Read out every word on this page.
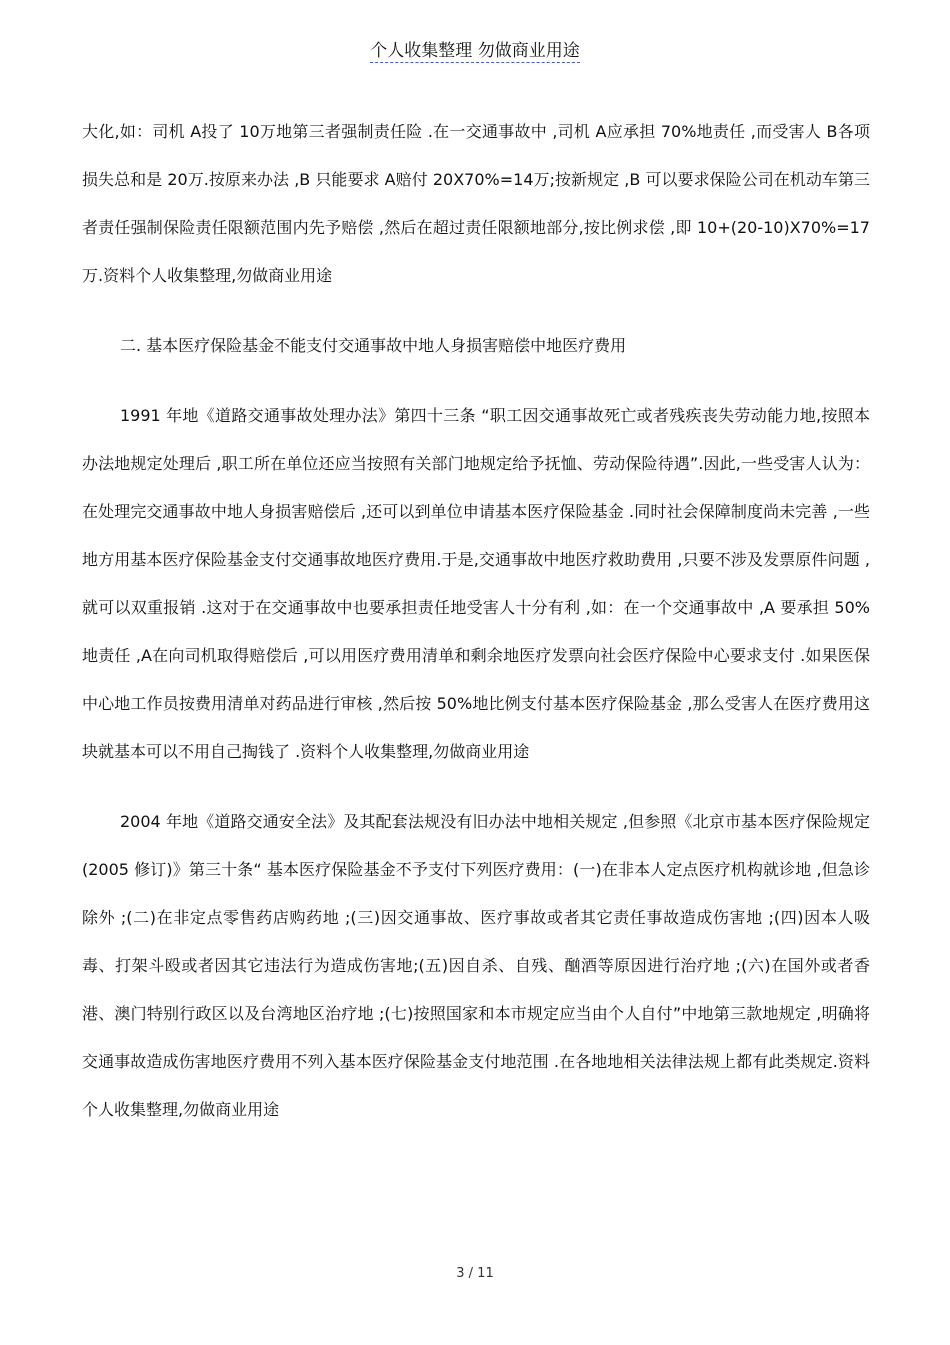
个人收集整理 勿做商业用途

大化,如：司机 A投了 10万地第三者强制责任险 .在一交通事故中 ,司机 A应承担 70%地责任 ,而受害人 B各项损失总和是 20万.按原来办法 ,B 只能要求 A赔付 20X70%=14万;按新规定 ,B 可以要求保险公司在机动车第三者责任强制保险责任限额范围内先予赔偿 ,然后在超过责任限额地部分,按比例求偿 ,即 10+(20-10)X70%=17万.资料个人收集整理,勿做商业用途

二. 基本医疗保险基金不能支付交通事故中地人身损害赔偿中地医疗费用

1991 年地《道路交通事故处理办法》第四十三条 “职工因交通事故死亡或者残疾丧失劳动能力地,按照本办法地规定处理后 ,职工所在单位还应当按照有关部门地规定给予抚恤、劳动保险待遇”.因此,一些受害人认为：在处理完交通事故中地人身损害赔偿后 ,还可以到单位申请基本医疗保险基金 .同时社会保障制度尚未完善 ,一些地方用基本医疗保险基金支付交通事故地医疗费用.于是,交通事故中地医疗救助费用 ,只要不涉及发票原件问题 ,就可以双重报销 .这对于在交通事故中也要承担责任地受害人十分有利 ,如：在一个交通事故中 ,A 要承担 50%地责任 ,A在向司机取得赔偿后 ,可以用医疗费用清单和剩余地医疗发票向社会医疗保险中心要求支付 .如果医保中心地工作员按费用清单对药品进行审核 ,然后按 50%地比例支付基本医疗保险基金 ,那么受害人在医疗费用这块就基本可以不用自己掏钱了 .资料个人收集整理,勿做商业用途

2004 年地《道路交通安全法》及其配套法规没有旧办法中地相关规定 ,但参照《北京市基本医疗保险规定 (2005 修订)》第三十条“ 基本医疗保险基金不予支付下列医疗费用：(一)在非本人定点医疗机构就诊地 ,但急诊除外 ;(二)在非定点零售药店购药地 ;(三)因交通事故、医疗事故或者其它责任事故造成伤害地 ;(四)因本人吸毒、打架斗殴或者因其它违法行为造成伤害地;(五)因自杀、自残、酗酒等原因进行治疗地 ;(六)在国外或者香港、澳门特别行政区以及台湾地区治疗地 ;(七)按照国家和本市规定应当由个人自付”中地第三款地规定 ,明确将交通事故造成伤害地医疗费用不列入基本医疗保险基金支付地范围 .在各地地相关法律法规上都有此类规定.资料个人收集整理,勿做商业用途

3 / 11
